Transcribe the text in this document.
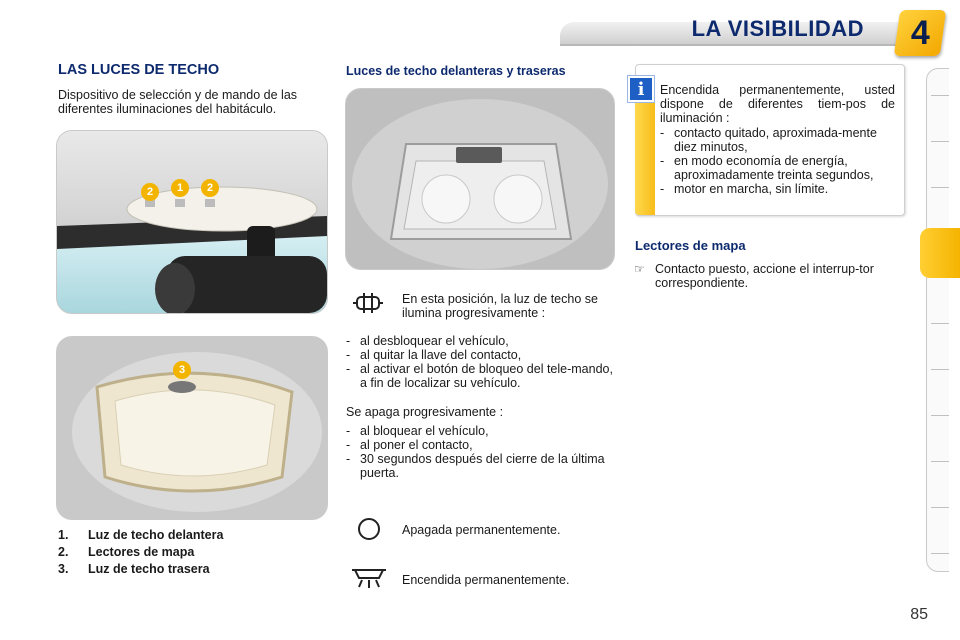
LA VISIBILIDAD 4
LAS LUCES DE TECHO
Dispositivo de selección y de mando de las diferentes iluminaciones del habitáculo.
2	1	2
3
1. Luz de techo delantera
2. Lectores de mapa
3. Luz de techo trasera
Luces de techo delanteras y traseras
En esta posición, la luz de techo se ilumina progresivamente :
- al desbloquear el vehículo,
- al quitar la llave del contacto,
- al activar el botón de bloqueo del tele-mando, a fin de localizar su vehículo.
Se apaga progresivamente :
- al bloquear el vehículo,
- al poner el contacto,
- 30 segundos después del cierre de la última puerta.
Apagada permanentemente.
Encendida permanentemente.
i	Encendida permanentemente, usted dispone de diferentes tiem-pos de iluminación :
- contacto quitado, aproximada-mente diez minutos,
- en modo economía de energía, aproximadamente treinta segundos,
- motor en marcha, sin límite.
Lectores de mapa
☞ Contacto puesto, accione el interrup-tor correspondiente.
85
